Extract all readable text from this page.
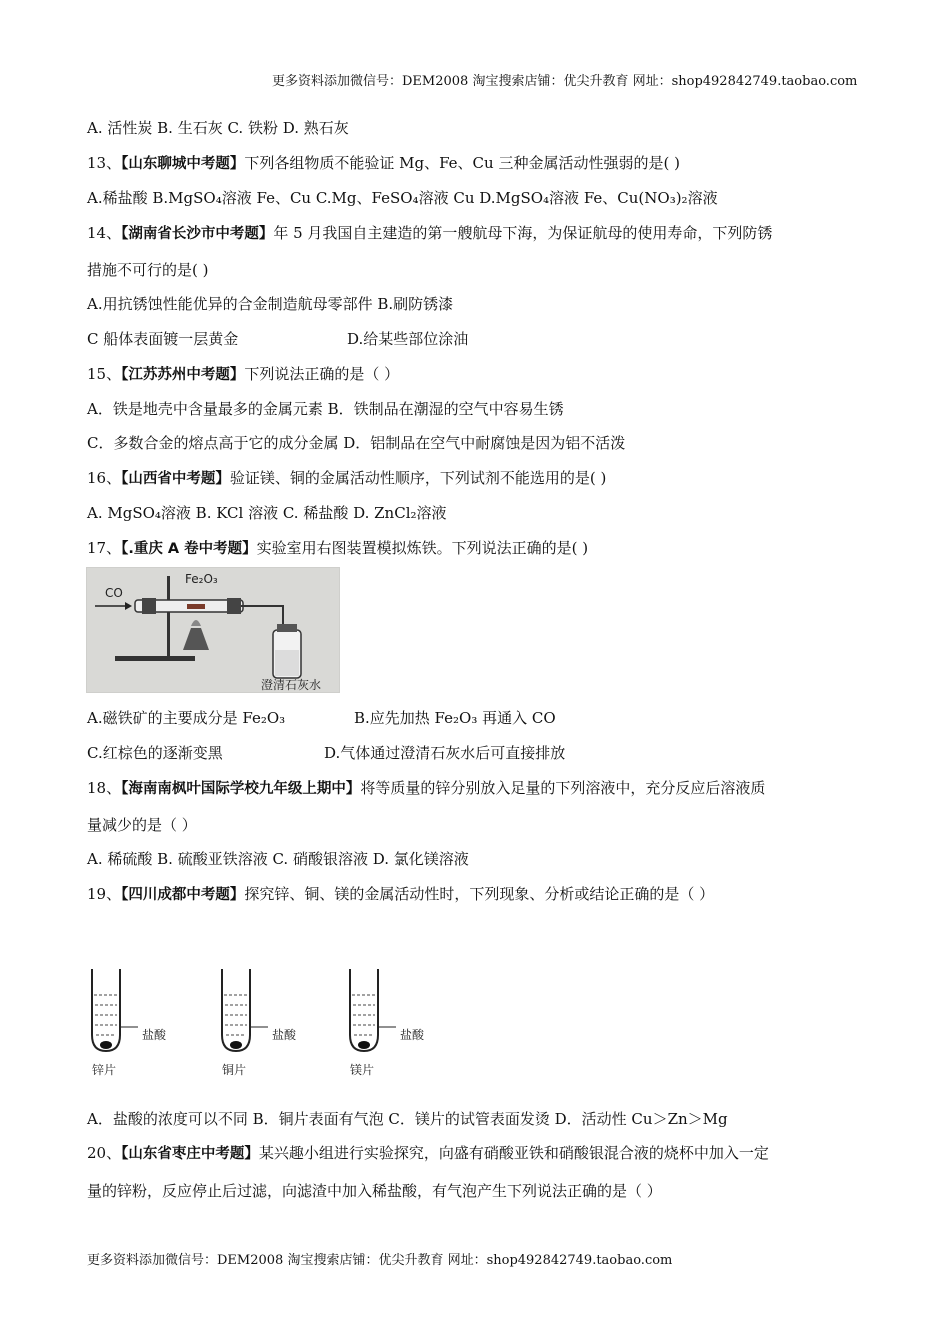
更多资料添加微信号：DEM2008 淘宝搜索店铺：优尖升教育 网址：shop492842749.taobao.com
A. 活性炭 B. 生石灰 C. 铁粉 D. 熟石灰
13、【山东聊城中考题】下列各组物质不能验证 Mg、Fe、Cu 三种金属活动性强弱的是( )
A.稀盐酸 B.MgSO₄溶液 Fe、Cu C.Mg、FeSO₄溶液 Cu D.MgSO₄溶液 Fe、Cu(NO₃)₂溶液
14、【湖南省长沙市中考题】年 5 月我国自主建造的第一艘航母下海，为保证航母的使用寿命，下列防锈
措施不可行的是( )
A.用抗锈蚀性能优异的合金制造航母零部件 B.刷防锈漆
C 船体表面镀一层黄金	D.给某些部位涂油
15、【江苏苏州中考题】下列说法正确的是（ ）
A．铁是地壳中含量最多的金属元素 B．铁制品在潮湿的空气中容易生锈
C．多数合金的熔点高于它的成分金属 D．铝制品在空气中耐腐蚀是因为铝不活泼
16、【山西省中考题】验证镁、铜的金属活动性顺序，下列试剂不能选用的是( )
A. MgSO₄溶液 B. KCl 溶液 C. 稀盐酸 D. ZnCl₂溶液
17、【.重庆 A 卷中考题】实验室用右图装置模拟炼铁。下列说法正确的是( )
CO
Fe₂O₃
澄清石灰水
A.磁铁矿的主要成分是 Fe₂O₃	B.应先加热 Fe₂O₃ 再通入 CO
C.红棕色的逐渐变黑	D.气体通过澄清石灰水后可直接排放
18、【海南南枫叶国际学校九年级上期中】将等质量的锌分别放入足量的下列溶液中，充分反应后溶液质
量减少的是（ ）
A. 稀硫酸 B. 硫酸亚铁溶液 C. 硝酸银溶液 D. 氯化镁溶液
19、【四川成都中考题】探究锌、铜、镁的金属活动性时，下列现象、分析或结论正确的是（ ）
盐酸	盐酸	盐酸
锌片	铜片	镁片
A．盐酸的浓度可以不同 B．铜片表面有气泡 C．镁片的试管表面发烫 D．活动性 Cu＞Zn＞Mg
20、【山东省枣庄中考题】某兴趣小组进行实验探究，向盛有硝酸亚铁和硝酸银混合液的烧杯中加入一定
量的锌粉，反应停止后过滤，向滤渣中加入稀盐酸，有气泡产生下列说法正确的是（ ）
更多资料添加微信号：DEM2008 淘宝搜索店铺：优尖升教育 网址：shop492842749.taobao.com
